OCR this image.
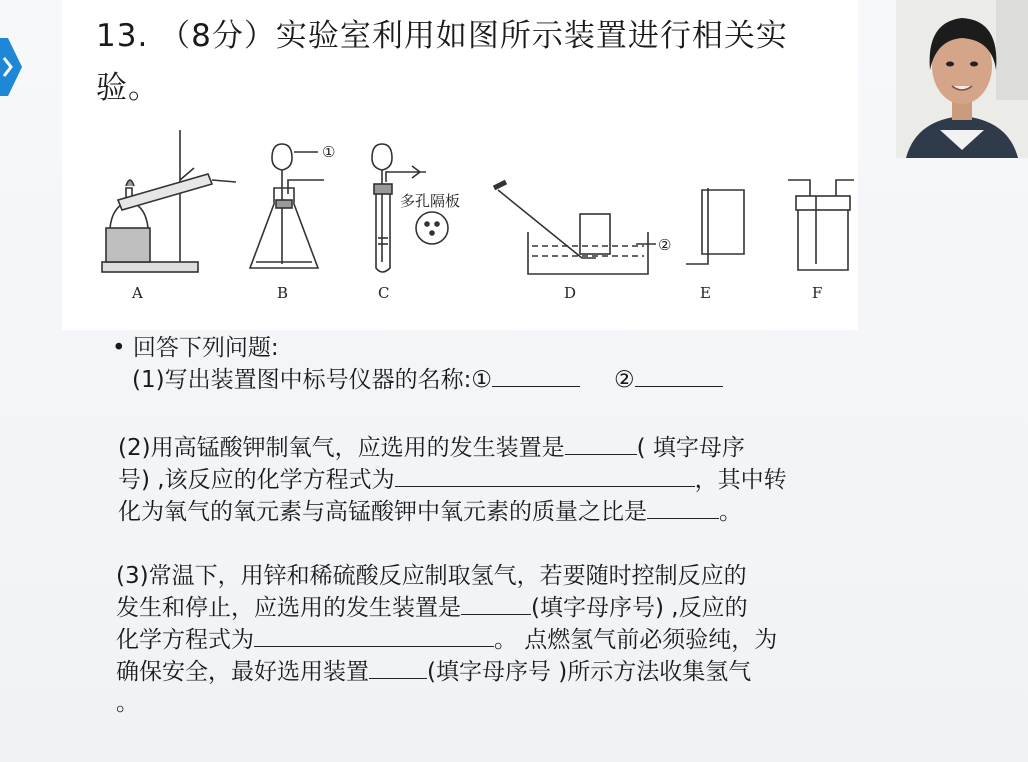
13. （8分）实验室利用如图所示装置进行相关实验。
①
多孔隔板
②
A	B	C	D	E	F
• 回答下列问题:
(1)写出装置图中标号仪器的名称:①	②
(2)用高锰酸钾制氧气，应选用的发生装置是	( 填字母序
号) ,该反应的化学方程式为	，其中转
化为氧气的氧元素与高锰酸钾中氧元素的质量之比是	。
(3)常温下，用锌和稀硫酸反应制取氢气，若要随时控制反应的
发生和停止，应选用的发生装置是	(填字母序号) ,反应的
化学方程式为	。 点燃氢气前必须验纯，为
确保安全，最好选用装置	(填字母序号 )所示方法收集氢气
。
